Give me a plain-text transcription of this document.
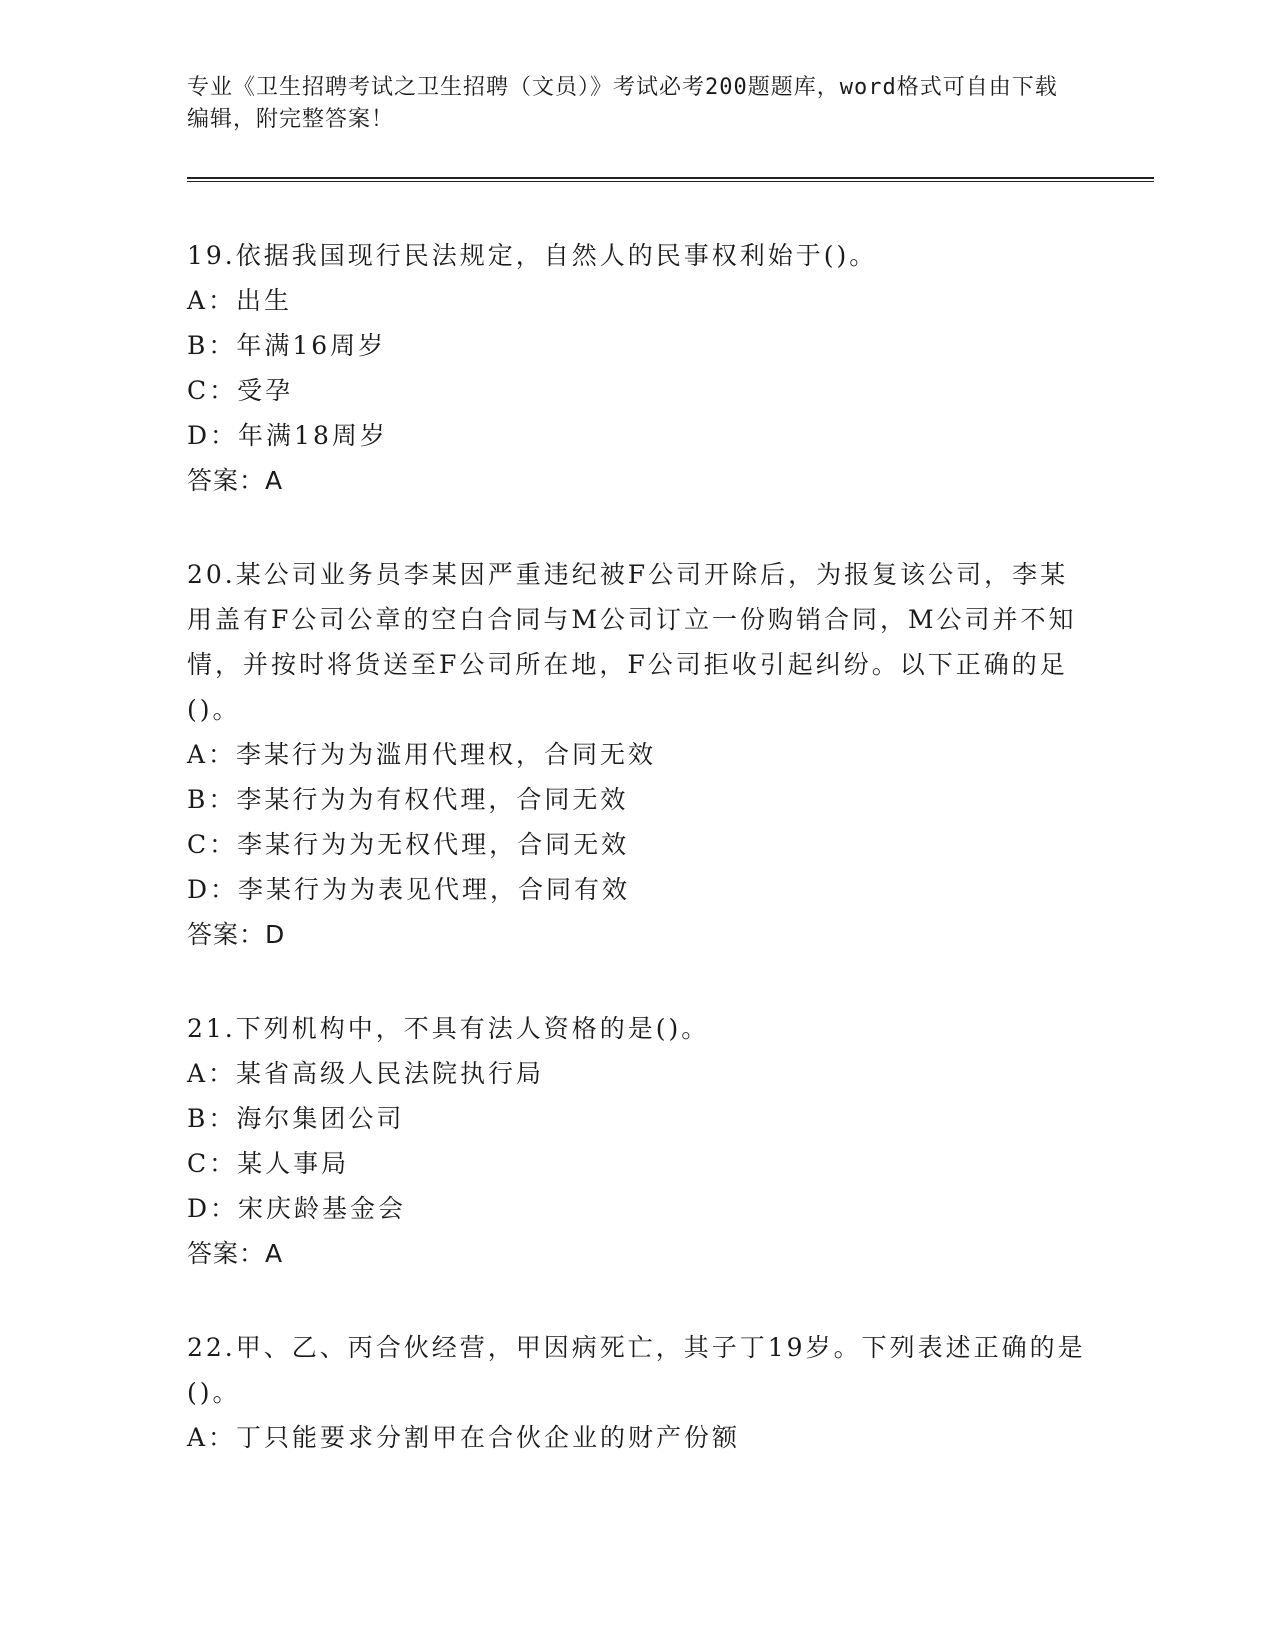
专业《卫生招聘考试之卫生招聘（文员）》考试必考200题题库，word格式可自由下载编辑，附完整答案！

19.依据我国现行民法规定，自然人的民事权利始于()。

A：出生

B：年满16周岁

C：受孕

D：年满18周岁

答案：A

20.某公司业务员李某因严重违纪被F公司开除后，为报复该公司，李某用盖有F公司公章的空白合同与M公司订立一份购销合同，M公司并不知情，并按时将货送至F公司所在地，F公司拒收引起纠纷。以下正确的足()。

A：李某行为为滥用代理权，合同无效

B：李某行为为有权代理，合同无效

C：李某行为为无权代理，合同无效

D：李某行为为表见代理，合同有效

答案：D

21.下列机构中，不具有法人资格的是()。

A：某省高级人民法院执行局

B：海尔集团公司

C：某人事局

D：宋庆龄基金会

答案：A

22.甲、乙、丙合伙经营，甲因病死亡，其子丁19岁。下列表述正确的是()。

A：丁只能要求分割甲在合伙企业的财产份额
